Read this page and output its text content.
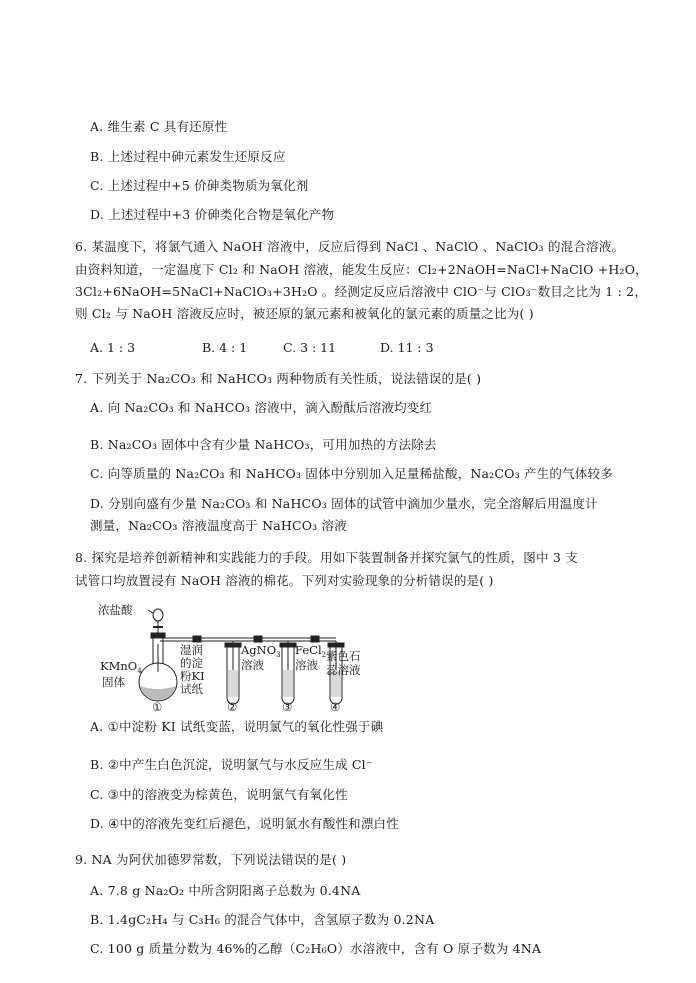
A. 维生素 C 具有还原性
B. 上述过程中砷元素发生还原反应
C. 上述过程中+5 价砷类物质为氧化剂
D. 上述过程中+3 价砷类化合物是氧化产物
6. 某温度下，将氯气通入 NaOH 溶液中，反应后得到 NaCl 、NaClO 、NaClO₃ 的混合溶液。
由资料知道，一定温度下 Cl₂ 和 NaOH 溶液，能发生反应：Cl₂+2NaOH=NaCl+NaClO +H₂O，
3Cl₂+6NaOH=5NaCl+NaClO₃+3H₂O 。经测定反应后溶液中 ClO⁻与 ClO₃⁻数目之比为 1 : 2，
则 Cl₂ 与 NaOH 溶液反应时，被还原的氯元素和被氧化的氯元素的质量之比为( )
A. 1 : 3	B. 4 : 1	C. 3 : 11	D. 11 : 3
7. 下列关于 Na₂CO₃ 和 NaHCO₃ 两种物质有关性质，说法错误的是( )
A. 向 Na₂CO₃ 和 NaHCO₃ 溶液中，滴入酚酞后溶液均变红
B. Na₂CO₃ 固体中含有少量 NaHCO₃，可用加热的方法除去
C. 向等质量的 Na₂CO₃ 和 NaHCO₃ 固体中分别加入足量稀盐酸，Na₂CO₃ 产生的气体较多
D. 分别向盛有少量 Na₂CO₃ 和 NaHCO₃ 固体的试管中滴加少量水，完全溶解后用温度计
测量，Na₂CO₃ 溶液温度高于 NaHCO₃ 溶液
8. 探究是培养创新精神和实践能力的手段。用如下装置制备并探究氯气的性质，图中 3 支
试管口均放置浸有 NaOH 溶液的棉花。下列对实验现象的分析错误的是( )
浓盐酸
KMnO$_4$
固体
湿润
的淀
粉KI
试纸
AgNO$_3$
溶液
FeCl$_2$
溶液
紫色石
蕊溶液
①	②	③	④
A. ①中淀粉 KI 试纸变蓝，说明氯气的氧化性强于碘
B. ②中产生白色沉淀，说明氯气与水反应生成 Cl⁻
C. ③中的溶液变为棕黄色，说明氯气有氧化性
D. ④中的溶液先变红后褪色，说明氯水有酸性和漂白性
9. NA 为阿伏加德罗常数，下列说法错误的是( )
A. 7.8 g Na₂O₂ 中所含阴阳离子总数为 0.4NA
B. 1.4gC₂H₄ 与 C₃H₆ 的混合气体中，含氢原子数为 0.2NA
C. 100 g 质量分数为 46%的乙醇（C₂H₆O）水溶液中，含有 O 原子数为 4NA
